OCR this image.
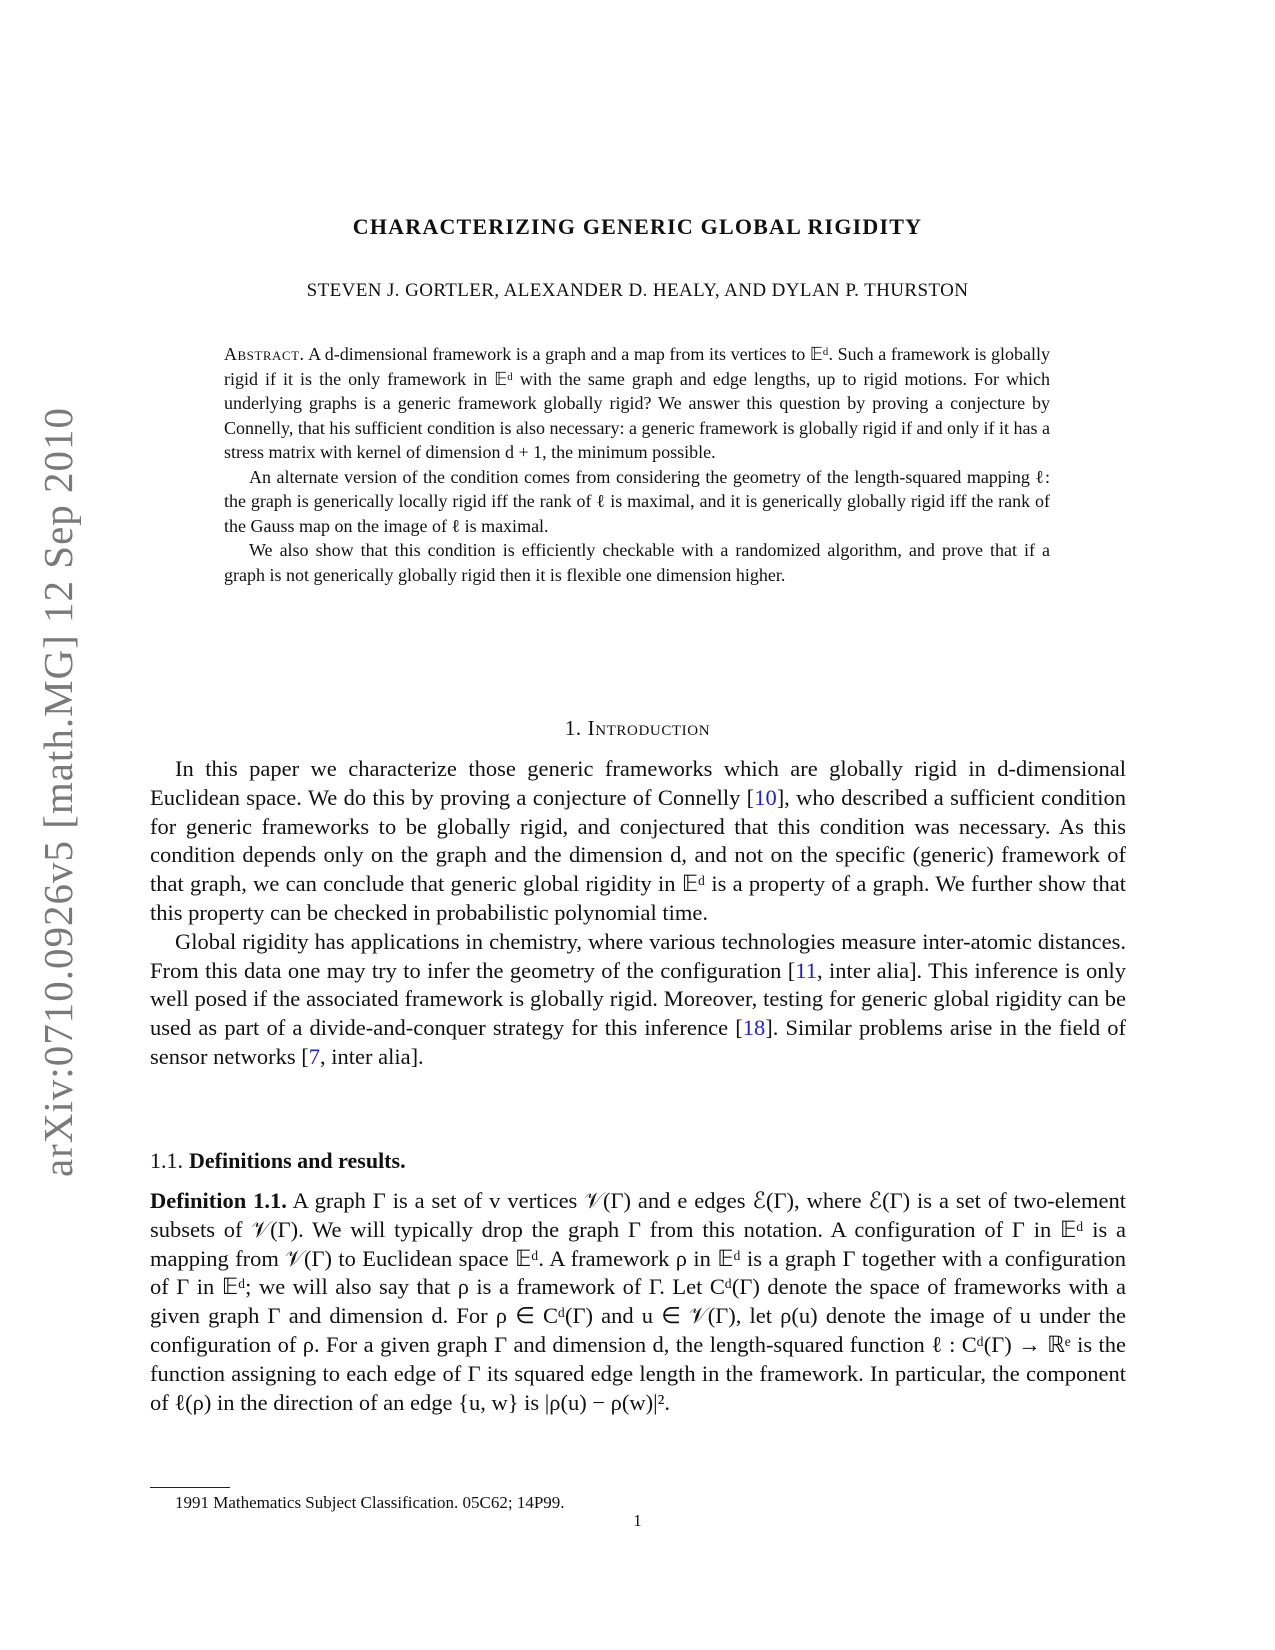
arXiv:0710.0926v5 [math.MG] 12 Sep 2010
CHARACTERIZING GENERIC GLOBAL RIGIDITY
STEVEN J. GORTLER, ALEXANDER D. HEALY, AND DYLAN P. THURSTON

Abstract. A d-dimensional framework is a graph and a map from its vertices to 𝔼ᵈ. Such a framework is globally rigid if it is the only framework in 𝔼ᵈ with the same graph and edge lengths, up to rigid motions. For which underlying graphs is a generic framework globally rigid? We answer this question by proving a conjecture by Connelly, that his sufficient condition is also necessary: a generic framework is globally rigid if and only if it has a stress matrix with kernel of dimension d + 1, the minimum possible.

An alternate version of the condition comes from considering the geometry of the length-squared mapping ℓ: the graph is generically locally rigid iff the rank of ℓ is maximal, and it is generically globally rigid iff the rank of the Gauss map on the image of ℓ is maximal.

We also show that this condition is efficiently checkable with a randomized algorithm, and prove that if a graph is not generically globally rigid then it is flexible one dimension higher.

1. Introduction

In this paper we characterize those generic frameworks which are globally rigid in d-dimensional Euclidean space. We do this by proving a conjecture of Connelly [10], who described a sufficient condition for generic frameworks to be globally rigid, and conjectured that this condition was necessary. As this condition depends only on the graph and the dimension d, and not on the specific (generic) framework of that graph, we can conclude that generic global rigidity in 𝔼ᵈ is a property of a graph. We further show that this property can be checked in probabilistic polynomial time.

Global rigidity has applications in chemistry, where various technologies measure inter-atomic distances. From this data one may try to infer the geometry of the configuration [11, inter alia]. This inference is only well posed if the associated framework is globally rigid. Moreover, testing for generic global rigidity can be used as part of a divide-and-conquer strategy for this inference [18]. Similar problems arise in the field of sensor networks [7, inter alia].

1.1. Definitions and results.

Definition 1.1. A graph Γ is a set of v vertices 𝒱(Γ) and e edges ℰ(Γ), where ℰ(Γ) is a set of two-element subsets of 𝒱(Γ). We will typically drop the graph Γ from this notation. A configuration of Γ in 𝔼ᵈ is a mapping from 𝒱(Γ) to Euclidean space 𝔼ᵈ. A framework ρ in 𝔼ᵈ is a graph Γ together with a configuration of Γ in 𝔼ᵈ; we will also say that ρ is a framework of Γ. Let Cᵈ(Γ) denote the space of frameworks with a given graph Γ and dimension d. For ρ ∈ Cᵈ(Γ) and u ∈ 𝒱(Γ), let ρ(u) denote the image of u under the configuration of ρ. For a given graph Γ and dimension d, the length-squared function ℓ : Cᵈ(Γ) → ℝᵉ is the function assigning to each edge of Γ its squared edge length in the framework. In particular, the component of ℓ(ρ) in the direction of an edge {u, w} is |ρ(u) − ρ(w)|².

1991 Mathematics Subject Classification. 05C62; 14P99.
1
